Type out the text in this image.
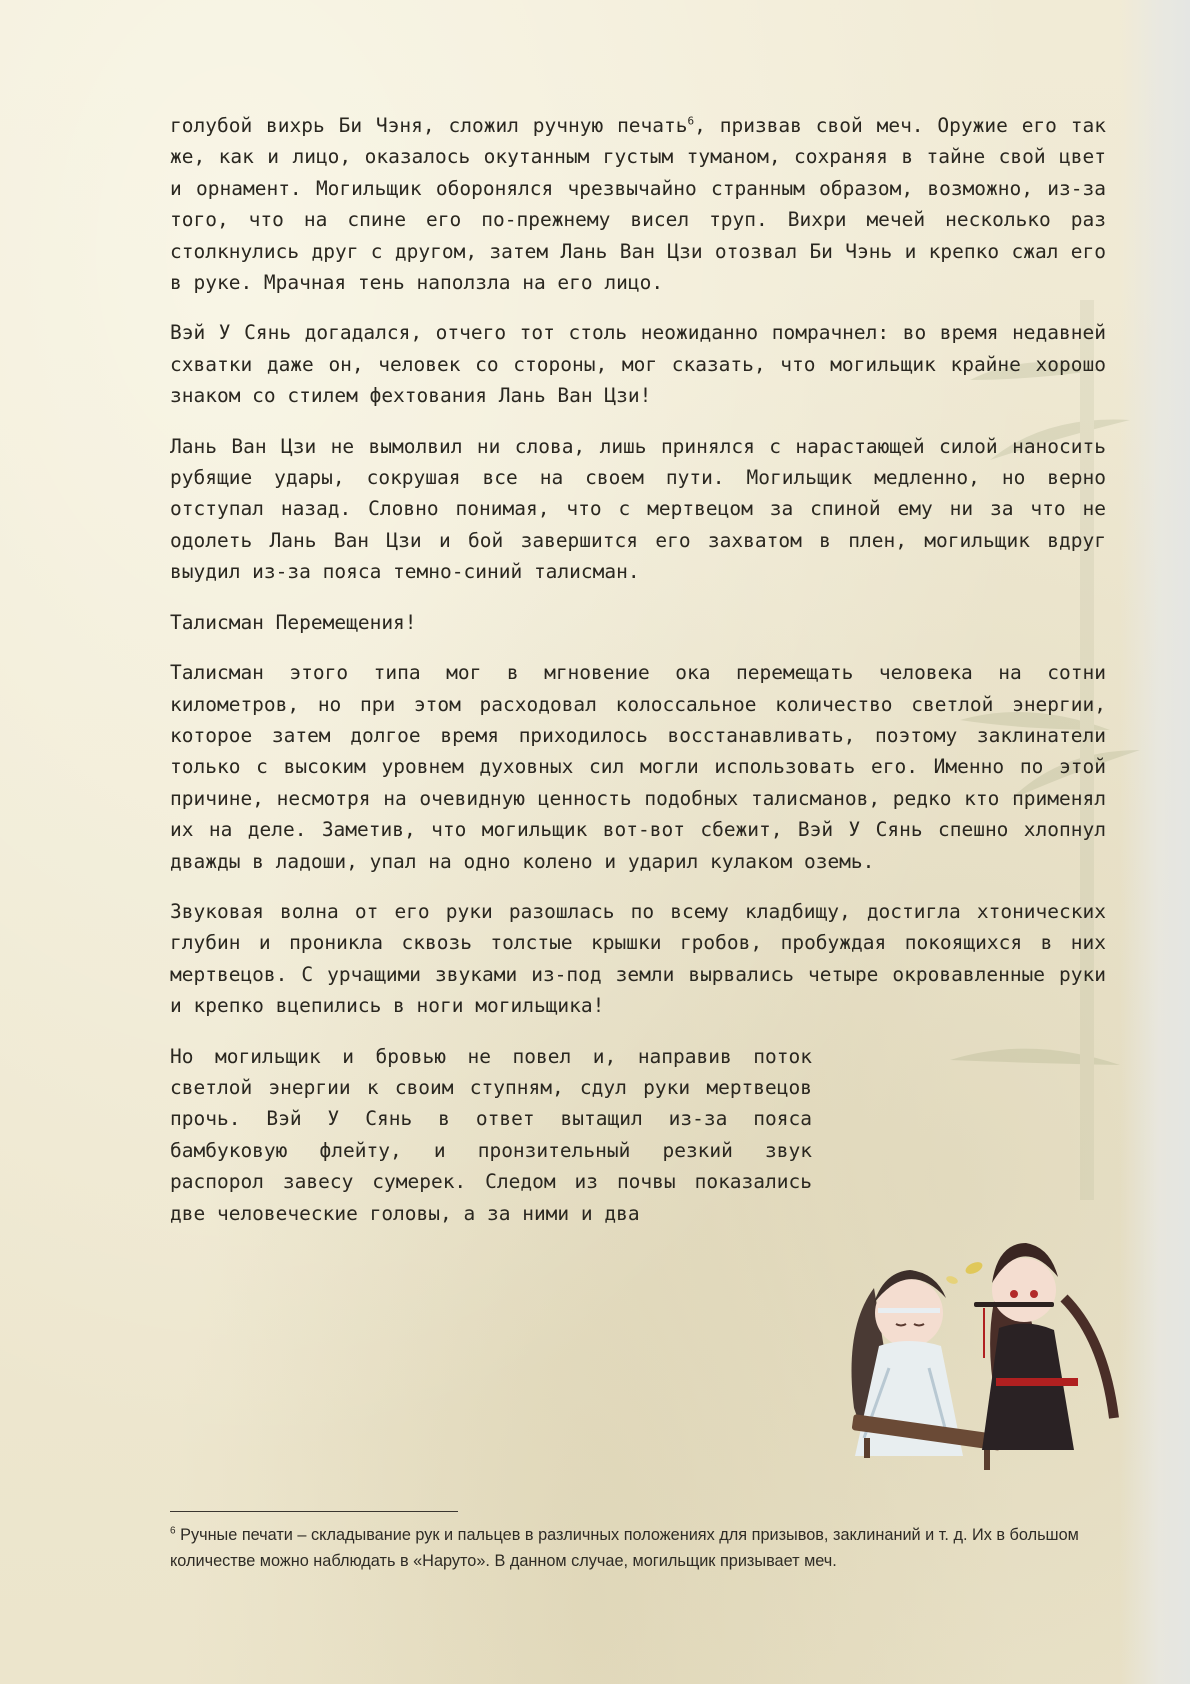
голубой вихрь Би Чэня, сложил ручную печать$^6$, призвав свой меч. Оружие его так же, как и лицо, оказалось окутанным густым туманом, сохраняя в тайне свой цвет и орнамент. Могильщик оборонялся чрезвычайно странным образом, возможно, из-за того, что на спине его по-прежнему висел труп. Вихри мечей несколько раз столкнулись друг с другом, затем Лань Ван Цзи отозвал Би Чэнь и крепко сжал его в руке. Мрачная тень наползла на его лицо.

Вэй У Сянь догадался, отчего тот столь неожиданно помрачнел: во время недавней схватки даже он, человек со стороны, мог сказать, что могильщик крайне хорошо знаком со стилем фехтования Лань Ван Цзи!

Лань Ван Цзи не вымолвил ни слова, лишь принялся с нарастающей силой наносить рубящие удары, сокрушая все на своем пути. Могильщик медленно, но верно отступал назад. Словно понимая, что с мертвецом за спиной ему ни за что не одолеть Лань Ван Цзи и бой завершится его захватом в плен, могильщик вдруг выудил из-за пояса темно-синий талисман.

Талисман Перемещения!

Талисман этого типа мог в мгновение ока перемещать человека на сотни километров, но при этом расходовал колоссальное количество светлой энергии, которое затем долгое время приходилось восстанавливать, поэтому заклинатели только с высоким уровнем духовных сил могли использовать его. Именно по этой причине, несмотря на очевидную ценность подобных талисманов, редко кто применял их на деле. Заметив, что могильщик вот-вот сбежит, Вэй У Сянь спешно хлопнул дважды в ладоши, упал на одно колено и ударил кулаком оземь.

Звуковая волна от его руки разошлась по всему кладбищу, достигла хтонических глубин и проникла сквозь толстые крышки гробов, пробуждая покоящихся в них мертвецов. С урчащими звуками из-под земли вырвались четыре окровавленные руки и крепко вцепились в ноги могильщика!

Но могильщик и бровью не повел и, направив поток светлой энергии к своим ступням, сдул руки мертвецов прочь. Вэй У Сянь в ответ вытащил из-за пояса бамбуковую флейту, и пронзительный резкий звук распорол завесу сумерек. Следом из почвы показались две человеческие головы, а за ними и два

$^6$ Ручные печати – складывание рук и пальцев в различных положениях для призывов, заклинаний и т. д. Их в большом количестве можно наблюдать в «Наруто». В данном случае, могильщик призывает меч.
